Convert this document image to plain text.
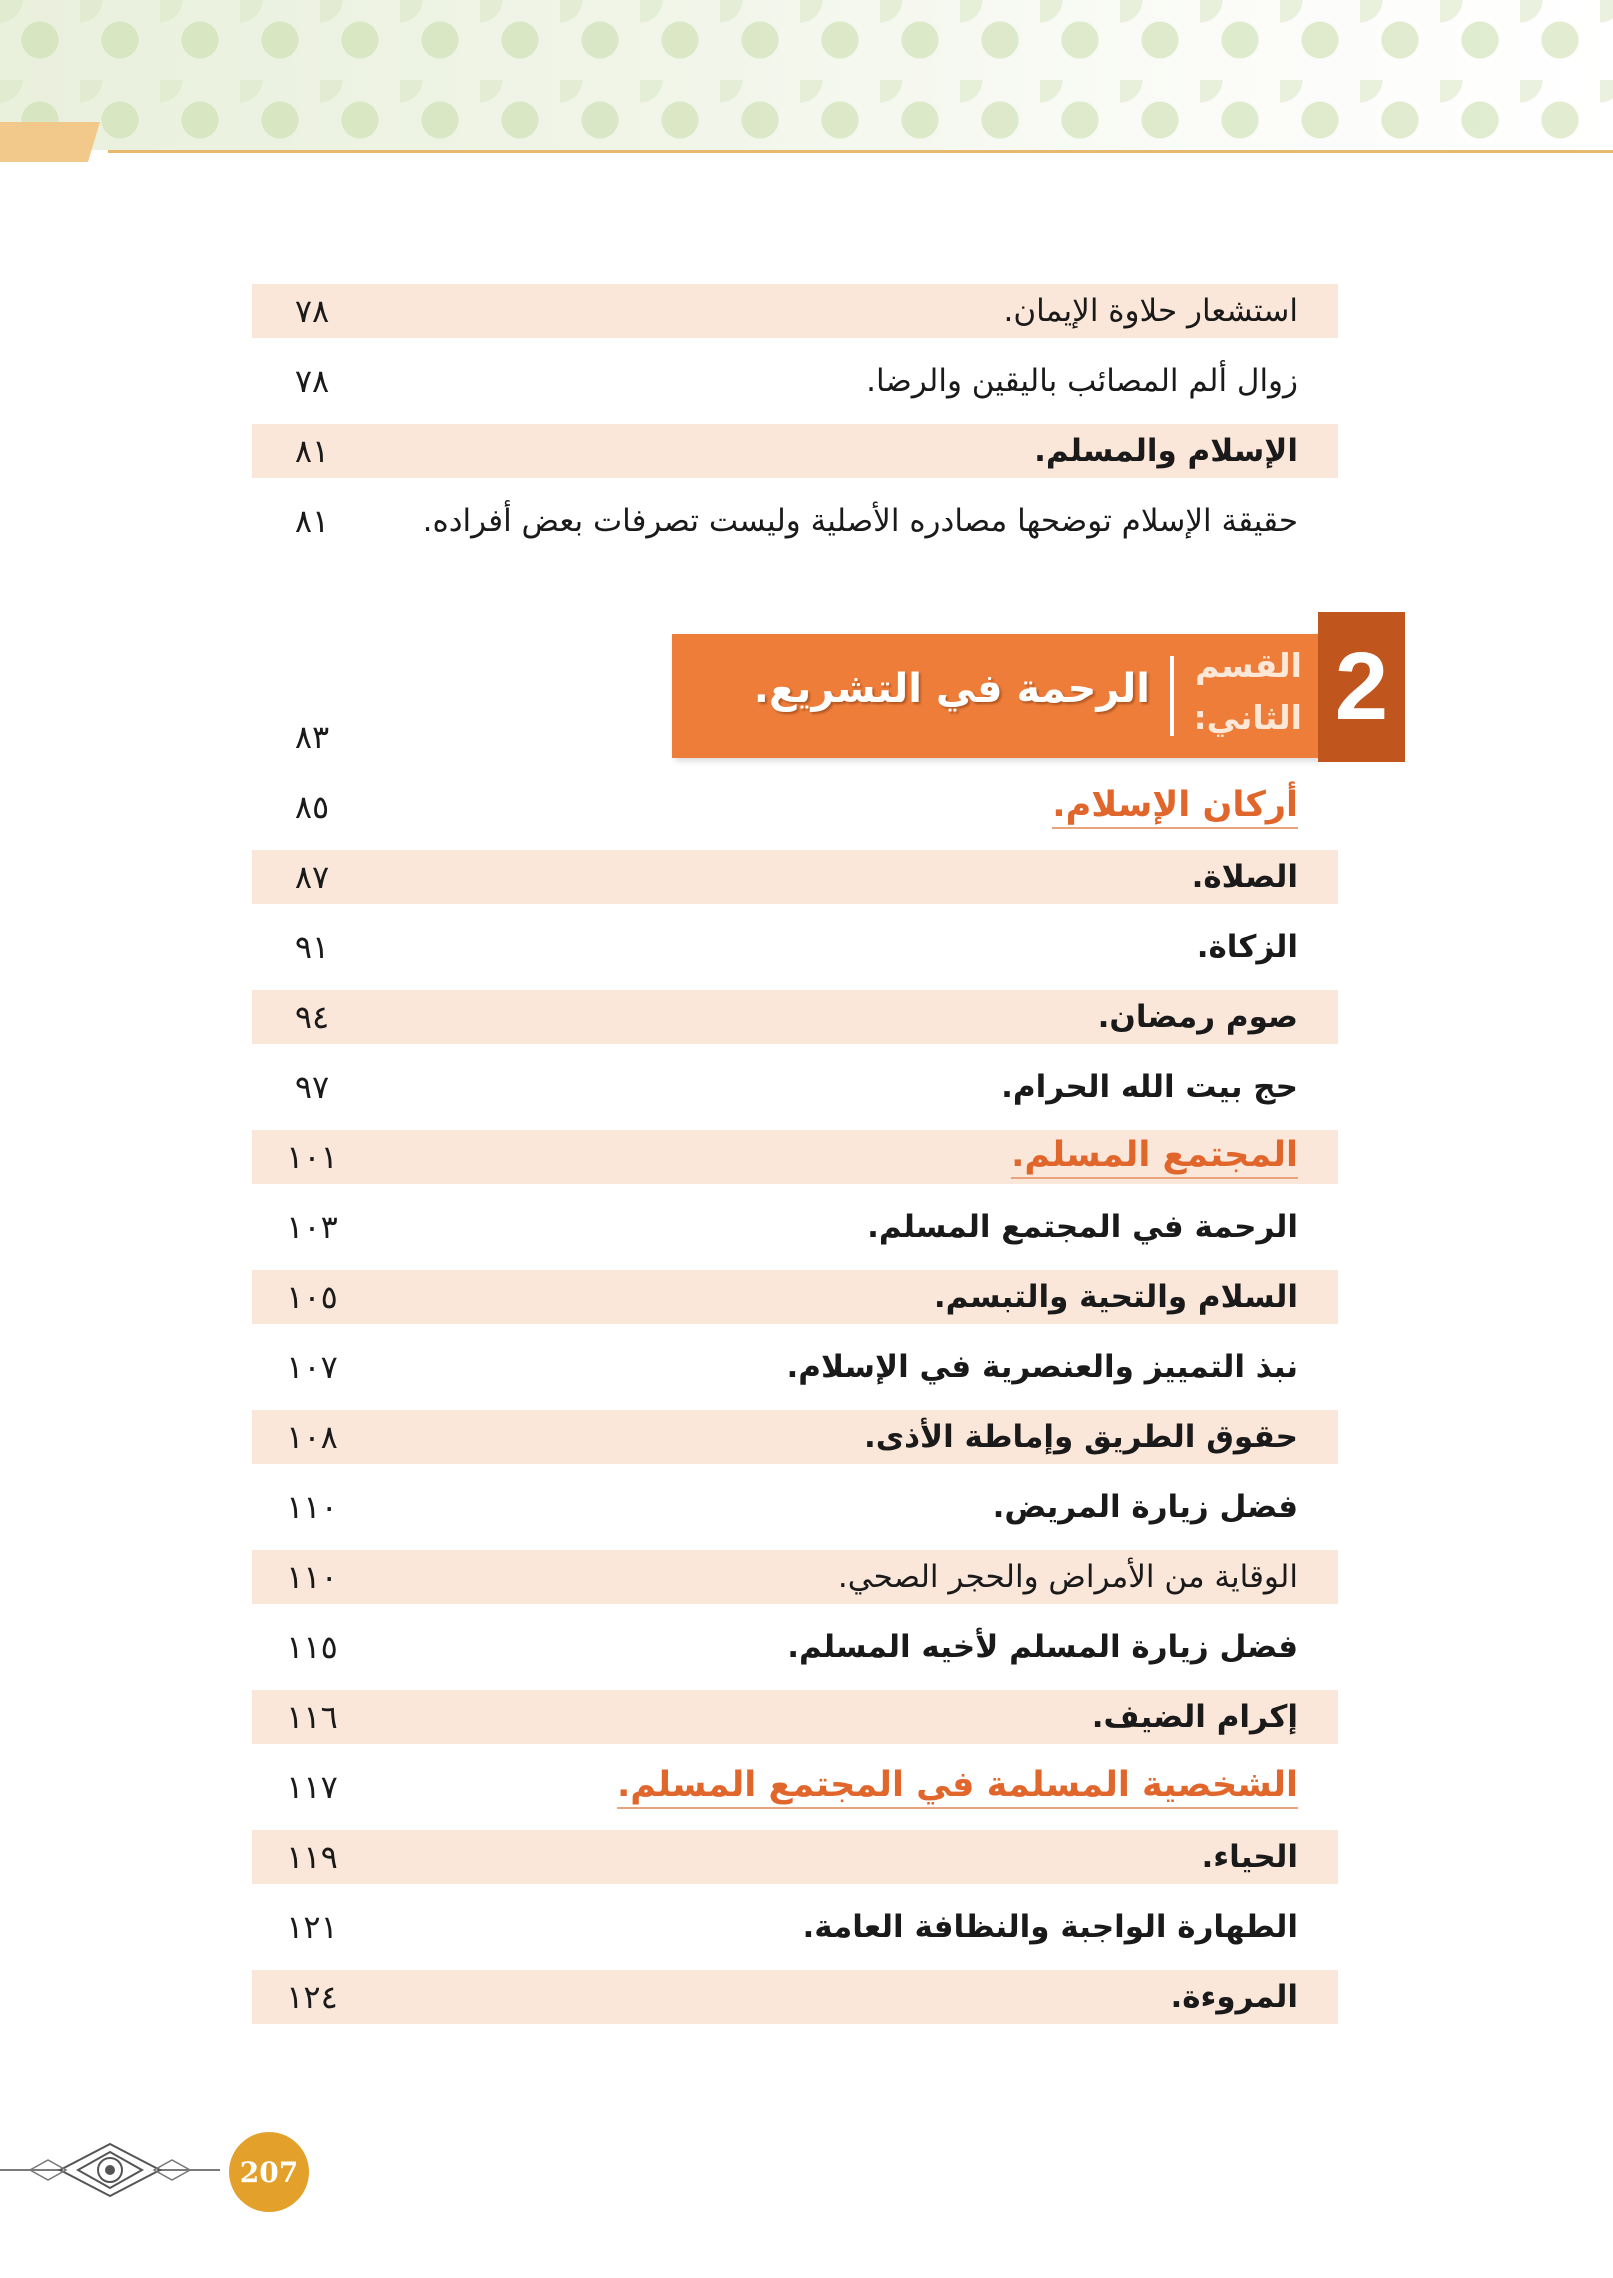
استشعار حلاوة الإيمان.
٧٨
زوال ألم المصائب باليقين والرضا.
٧٨
الإسلام والمسلم.
٨١
حقيقة الإسلام توضحها مصادره الأصلية وليست تصرفات بعض أفراده.
٨١
2
القسم
الثاني:
الرحمة في التشريع.
٨٣
أركان الإسلام.
٨٥
الصلاة.
٨٧
الزكاة.
٩١
صوم رمضان.
٩٤
حج بيت الله الحرام.
٩٧
المجتمع المسلم.
١٠١
الرحمة في المجتمع المسلم.
١٠٣
السلام والتحية والتبسم.
١٠٥
نبذ التمييز والعنصرية في الإسلام.
١٠٧
حقوق الطريق وإماطة الأذى.
١٠٨
فضل زيارة المريض.
١١٠
الوقاية من الأمراض والحجر الصحي.
١١٠
فضل زيارة المسلم لأخيه المسلم.
١١٥
إكرام الضيف.
١١٦
الشخصية المسلمة في المجتمع المسلم.
١١٧
الحياء.
١١٩
الطهارة الواجبة والنظافة العامة.
١٢١
المروءة.
١٢٤
207
